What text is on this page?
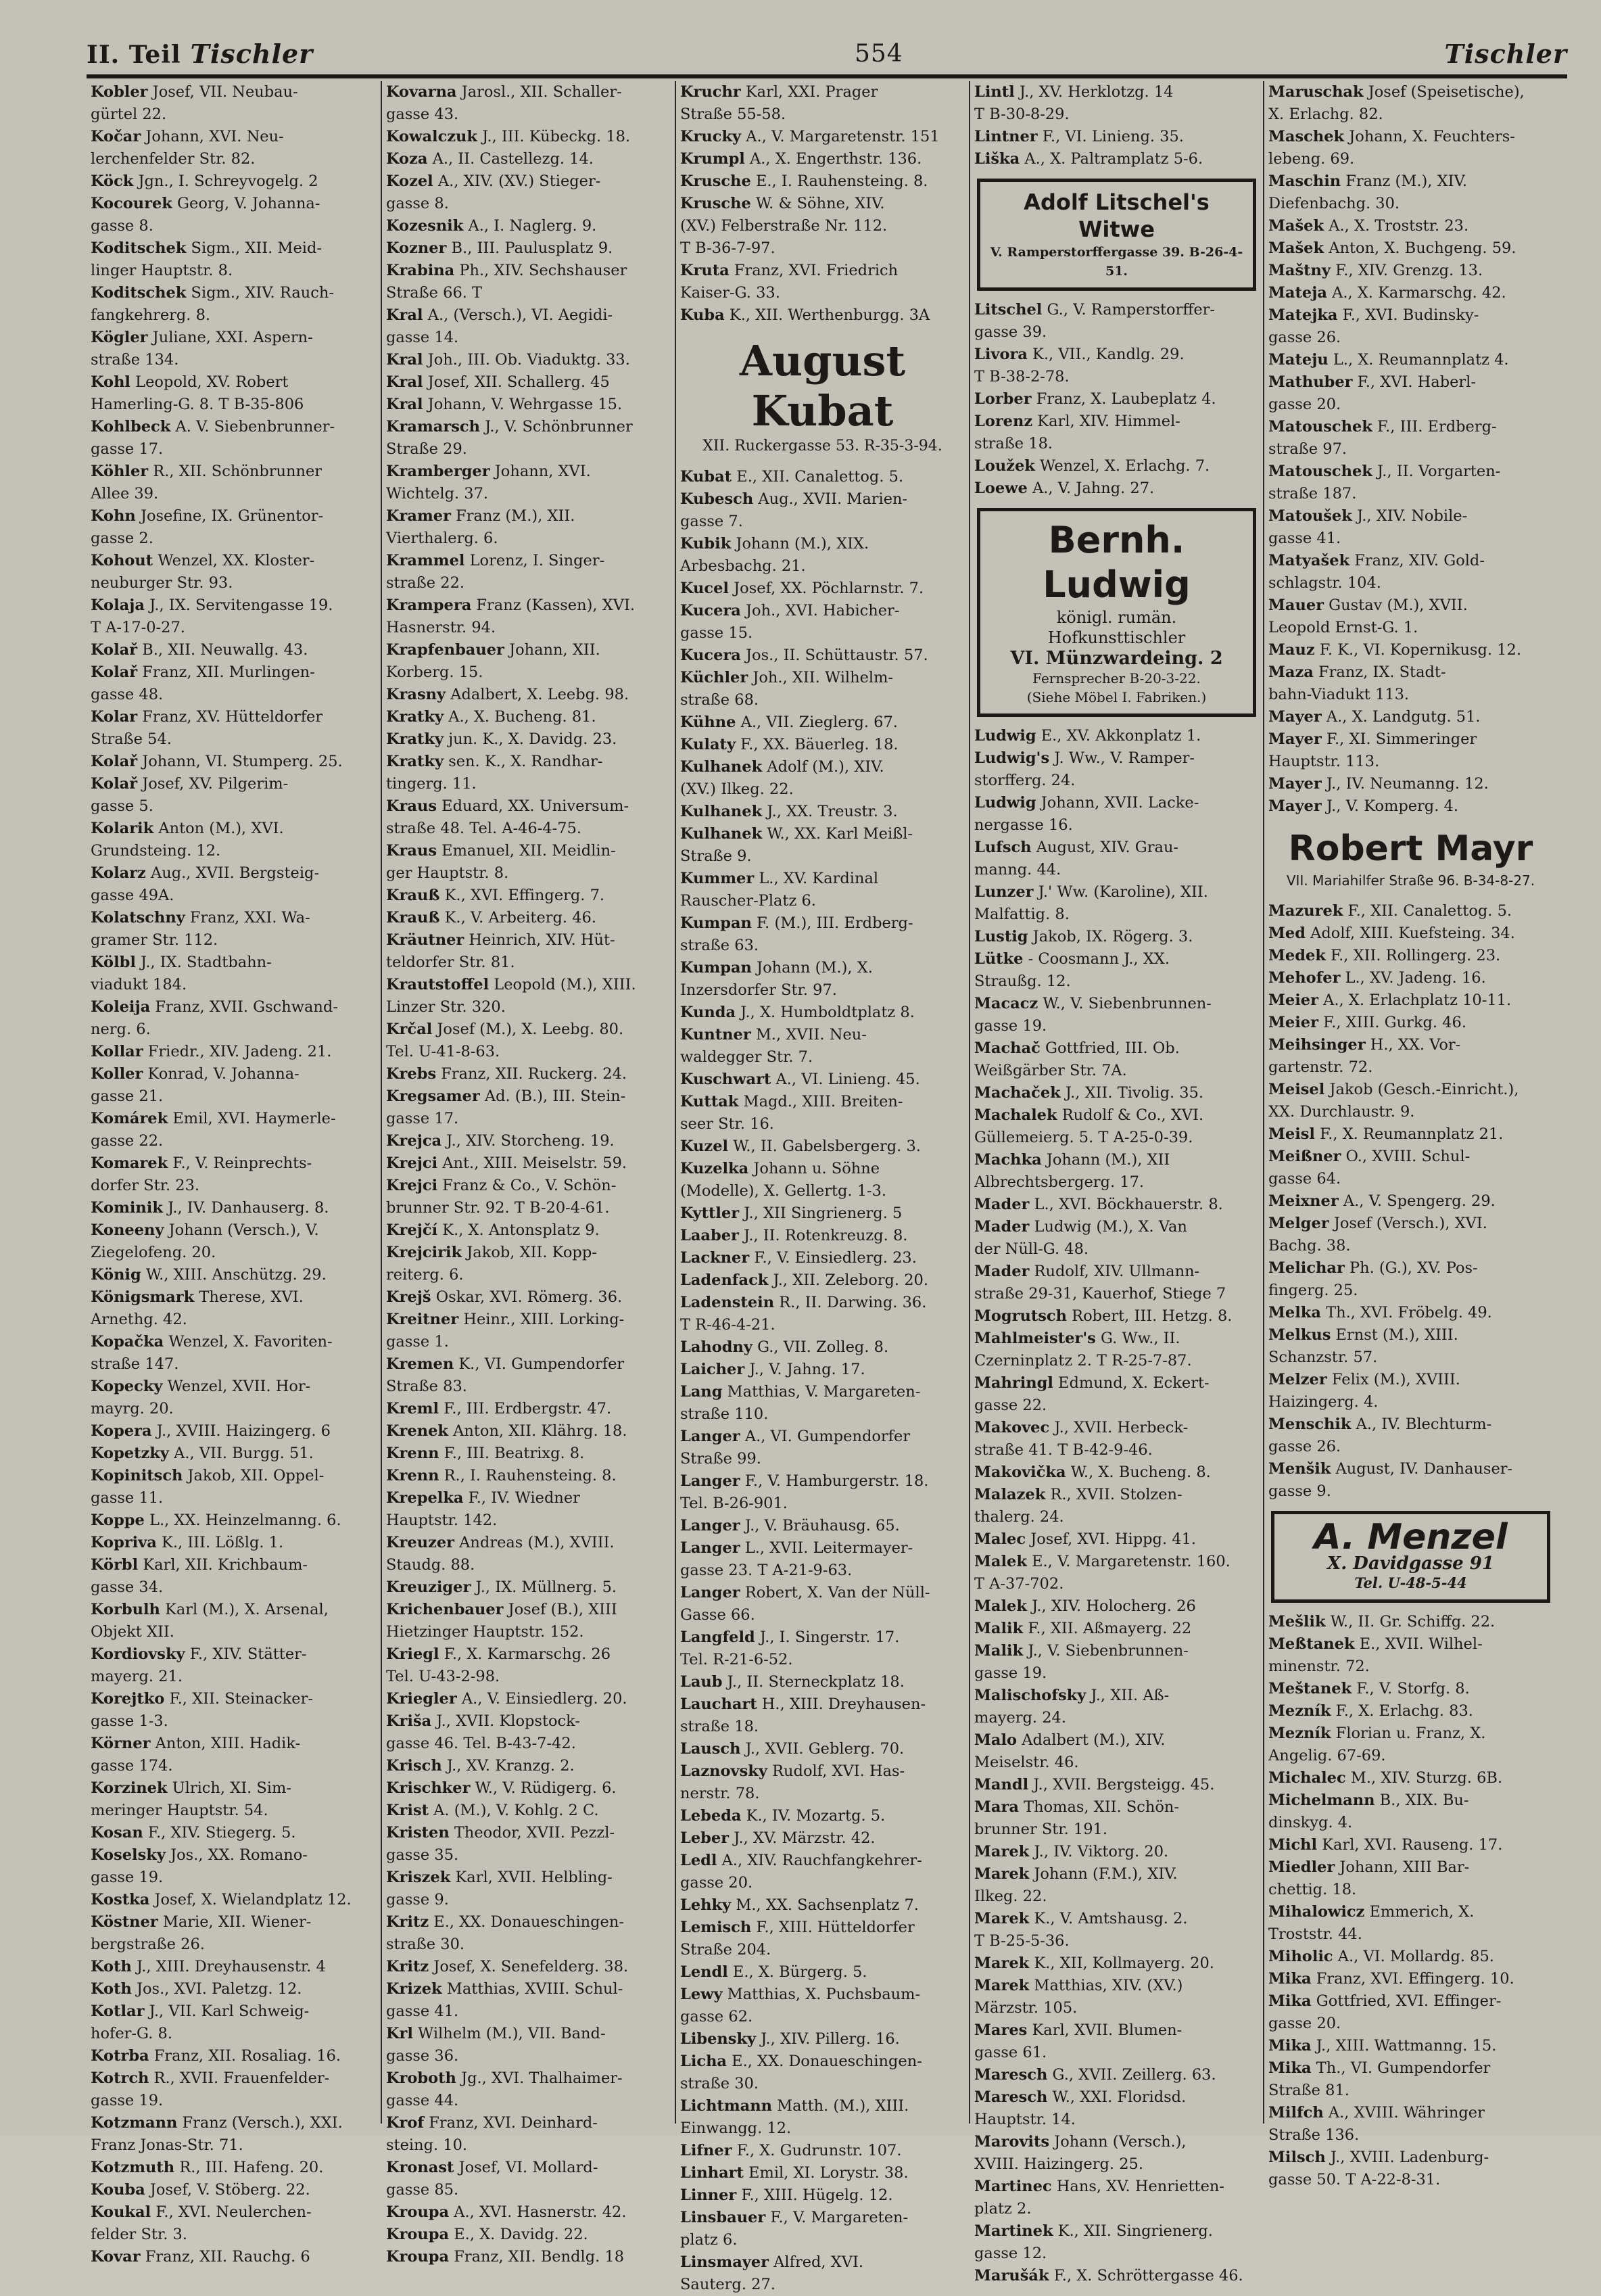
II. Teil Tischler	554	Tischler
Kobler Josef, VII. Neubau-
gürtel 22.
Kočar Johann, XVI. Neu-
lerchenfelder Str. 82.
Köck Jgn., I. Schreyvogelg. 2
Kocourek Georg, V. Johanna-
gasse 8.
Koditschek Sigm., XII. Meid-
linger Hauptstr. 8.
Koditschek Sigm., XIV. Rauch-
fangkehrerg. 8.
Kögler Juliane, XXI. Aspern-
straße 134.
Kohl Leopold, XV. Robert
Hamerling-G. 8. T B-35-806
Kohlbeck A. V. Siebenbrunner-
gasse 17.
Köhler R., XII. Schönbrunner
Allee 39.
Kohn Josefine, IX. Grünentor-
gasse 2.
Kohout Wenzel, XX. Kloster-
neuburger Str. 93.
Kolaja J., IX. Servitengasse 19.
T A-17-0-27.
Kolař B., XII. Neuwallg. 43.
Kolař Franz, XII. Murlingen-
gasse 48.
Kolar Franz, XV. Hütteldorfer
Straße 54.
Kolař Johann, VI. Stumperg. 25.
Kolař Josef, XV. Pilgerim-
gasse 5.
Kolarik Anton (M.), XVI.
Grundsteing. 12.
Kolarz Aug., XVII. Bergsteig-
gasse 49A.
Kolatschny Franz, XXI. Wa-
gramer Str. 112.
Kölbl J., IX. Stadtbahn-
viadukt 184.
Koleija Franz, XVII. Gschwand-
nerg. 6.
Kollar Friedr., XIV. Jadeng. 21.
Koller Konrad, V. Johanna-
gasse 21.
Komárek Emil, XVI. Haymerle-
gasse 22.
Komarek F., V. Reinprechts-
dorfer Str. 23.
Kominik J., IV. Danhauserg. 8.
Koneeny Johann (Versch.), V.
Ziegelofeng. 20.
König W., XIII. Anschützg. 29.
Königsmark Therese, XVI.
Arnethg. 42.
Kopačka Wenzel, X. Favoriten-
straße 147.
Kopecky Wenzel, XVII. Hor-
mayrg. 20.
Kopera J., XVIII. Haizingerg. 6
Kopetzky A., VII. Burgg. 51.
Kopinitsch Jakob, XII. Oppel-
gasse 11.
Koppe L., XX. Heinzelmanng. 6.
Kopriva K., III. Lößlg. 1.
Körbl Karl, XII. Krichbaum-
gasse 34.
Korbulh Karl (M.), X. Arsenal,
Objekt XII.
Kordiovsky F., XIV. Stätter-
mayerg. 21.
Korejtko F., XII. Steinacker-
gasse 1-3.
Körner Anton, XIII. Hadik-
gasse 174.
Korzinek Ulrich, XI. Sim-
meringer Hauptstr. 54.
Kosan F., XIV. Stiegerg. 5.
Koselsky Jos., XX. Romano-
gasse 19.
Kostka Josef, X. Wielandplatz 12.
Köstner Marie, XII. Wiener-
bergstraße 26.
Koth J., XIII. Dreyhausenstr. 4
Koth Jos., XVI. Paletzg. 12.
Kotlar J., VII. Karl Schweig-
hofer-G. 8.
Kotrba Franz, XII. Rosaliag. 16.
Kotrch R., XVII. Frauenfelder-
gasse 19.
Kotzmann Franz (Versch.), XXI.
Franz Jonas-Str. 71.
Kotzmuth R., III. Hafeng. 20.
Kouba Josef, V. Stöberg. 22.
Koukal F., XVI. Neulerchen-
felder Str. 3.
Kovar Franz, XII. Rauchg. 6
Kovarna Jarosl., XII. Schaller-
gasse 43.
Kowalczuk J., III. Kübeckg. 18.
Koza A., II. Castellezg. 14.
Kozel A., XIV. (XV.) Stieger-
gasse 8.
Kozesnik A., I. Naglerg. 9.
Kozner B., III. Paulusplatz 9.
Krabina Ph., XIV. Sechshauser
Straße 66. T
Kral A., (Versch.), VI. Aegidi-
gasse 14.
Kral Joh., III. Ob. Viaduktg. 33.
Kral Josef, XII. Schallerg. 45
Kral Johann, V. Wehrgasse 15.
Kramarsch J., V. Schönbrunner
Straße 29.
Kramberger Johann, XVI.
Wichtelg. 37.
Kramer Franz (M.), XII.
Vierthalerg. 6.
Krammel Lorenz, I. Singer-
straße 22.
Krampera Franz (Kassen), XVI.
Hasnerstr. 94.
Krapfenbauer Johann, XII.
Korberg. 15.
Krasny Adalbert, X. Leebg. 98.
Kratky A., X. Bucheng. 81.
Kratky jun. K., X. Davidg. 23.
Kratky sen. K., X. Randhar-
tingerg. 11.
Kraus Eduard, XX. Universum-
straße 48. Tel. A-46-4-75.
Kraus Emanuel, XII. Meidlin-
ger Hauptstr. 8.
Krauß K., XVI. Effingerg. 7.
Krauß K., V. Arbeiterg. 46.
Kräutner Heinrich, XIV. Hüt-
teldorfer Str. 81.
Krautstoffel Leopold (M.), XIII.
Linzer Str. 320.
Krčal Josef (M.), X. Leebg. 80.
Tel. U-41-8-63.
Krebs Franz, XII. Ruckerg. 24.
Kregsamer Ad. (B.), III. Stein-
gasse 17.
Krejca J., XIV. Storcheng. 19.
Krejci Ant., XIII. Meiselstr. 59.
Krejci Franz & Co., V. Schön-
brunner Str. 92. T B-20-4-61.
Krejčí K., X. Antonsplatz 9.
Krejcirik Jakob, XII. Kopp-
reiterg. 6.
Krejš Oskar, XVI. Römerg. 36.
Kreitner Heinr., XIII. Lorking-
gasse 1.
Kremen K., VI. Gumpendorfer
Straße 83.
Kreml F., III. Erdbergstr. 47.
Krenek Anton, XII. Klährg. 18.
Krenn F., III. Beatrixg. 8.
Krenn R., I. Rauhensteing. 8.
Krepelka F., IV. Wiedner
Hauptstr. 142.
Kreuzer Andreas (M.), XVIII.
Staudg. 88.
Kreuziger J., IX. Müllnerg. 5.
Krichenbauer Josef (B.), XIII
Hietzinger Hauptstr. 152.
Kriegl F., X. Karmarschg. 26
Tel. U-43-2-98.
Kriegler A., V. Einsiedlerg. 20.
Kriša J., XVII. Klopstock-
gasse 46. Tel. B-43-7-42.
Krisch J., XV. Kranzg. 2.
Krischker W., V. Rüdigerg. 6.
Krist A. (M.), V. Kohlg. 2 C.
Kristen Theodor, XVII. Pezzl-
gasse 35.
Kriszek Karl, XVII. Helbling-
gasse 9.
Kritz E., XX. Donaueschingen-
straße 30.
Kritz Josef, X. Senefelderg. 38.
Krizek Matthias, XVIII. Schul-
gasse 41.
Krl Wilhelm (M.), VII. Band-
gasse 36.
Kroboth Jg., XVI. Thalhaimer-
gasse 44.
Krof Franz, XVI. Deinhard-
steing. 10.
Kronast Josef, VI. Mollard-
gasse 85.
Kroupa A., XVI. Hasnerstr. 42.
Kroupa E., X. Davidg. 22.
Kroupa Franz, XII. Bendlg. 18
Kruchr Karl, XXI. Prager
Straße 55-58.
Krucky A., V. Margaretenstr. 151
Krumpl A., X. Engerthstr. 136.
Krusche E., I. Rauhensteing. 8.
Krusche W. & Söhne, XIV.
(XV.) Felberstraße Nr. 112.
T B-36-7-97.
Kruta Franz, XVI. Friedrich
Kaiser-G. 33.
Kuba K., XII. Werthenburgg. 3A
August Kubat
XII. Ruckergasse 53. R-35-3-94.
Kubat E., XII. Canalettog. 5.
Kubesch Aug., XVII. Marien-
gasse 7.
Kubik Johann (M.), XIX.
Arbesbachg. 21.
Kucel Josef, XX. Pöchlarnstr. 7.
Kucera Joh., XVI. Habicher-
gasse 15.
Kucera Jos., II. Schüttaustr. 57.
Küchler Joh., XII. Wilhelm-
straße 68.
Kühne A., VII. Zieglerg. 67.
Kulaty F., XX. Bäuerleg. 18.
Kulhanek Adolf (M.), XIV.
(XV.) Ilkeg. 22.
Kulhanek J., XX. Treustr. 3.
Kulhanek W., XX. Karl Meißl-
Straße 9.
Kummer L., XV. Kardinal
Rauscher-Platz 6.
Kumpan F. (M.), III. Erdberg-
straße 63.
Kumpan Johann (M.), X.
Inzersdorfer Str. 97.
Kunda J., X. Humboldtplatz 8.
Kuntner M., XVII. Neu-
waldegger Str. 7.
Kuschwart A., VI. Linieng. 45.
Kuttak Magd., XIII. Breiten-
seer Str. 16.
Kuzel W., II. Gabelsbergerg. 3.
Kuzelka Johann u. Söhne
(Modelle), X. Gellertg. 1-3.
Kyttler J., XII Singrienerg. 5
Laaber J., II. Rotenkreuzg. 8.
Lackner F., V. Einsiedlerg. 23.
Ladenfack J., XII. Zeleborg. 20.
Ladenstein R., II. Darwing. 36.
T R-46-4-21.
Lahodny G., VII. Zolleg. 8.
Laicher J., V. Jahng. 17.
Lang Matthias, V. Margareten-
straße 110.
Langer A., VI. Gumpendorfer
Straße 99.
Langer F., V. Hamburgerstr. 18.
Tel. B-26-901.
Langer J., V. Bräuhausg. 65.
Langer L., XVII. Leitermayer-
gasse 23. T A-21-9-63.
Langer Robert, X. Van der Nüll-
Gasse 66.
Langfeld J., I. Singerstr. 17.
Tel. R-21-6-52.
Laub J., II. Sterneckplatz 18.
Lauchart H., XIII. Dreyhausen-
straße 18.
Lausch J., XVII. Geblerg. 70.
Laznovsky Rudolf, XVI. Has-
nerstr. 78.
Lebeda K., IV. Mozartg. 5.
Leber J., XV. Märzstr. 42.
Ledl A., XIV. Rauchfangkehrer-
gasse 20.
Lehky M., XX. Sachsenplatz 7.
Lemisch F., XIII. Hütteldorfer
Straße 204.
Lendl E., X. Bürgerg. 5.
Lewy Matthias, X. Puchsbaum-
gasse 62.
Libensky J., XIV. Pillerg. 16.
Licha E., XX. Donaueschingen-
straße 30.
Lichtmann Matth. (M.), XIII.
Einwangg. 12.
Lifner F., X. Gudrunstr. 107.
Linhart Emil, XI. Lorystr. 38.
Linner F., XIII. Hügelg. 12.
Linsbauer F., V. Margareten-
platz 6.
Linsmayer Alfred, XVI.
Sauterg. 27.
Lintl J., XV. Herklotzg. 14
T B-30-8-29.
Lintner F., VI. Linieng. 35.
Liška A., X. Paltramplatz 5-6.
Adolf Litschel's Witwe
V. Ramperstorffergasse 39. B-26-4-51.
Litschel G., V. Ramperstorffer-
gasse 39.
Livora K., VII., Kandlg. 29.
T B-38-2-78.
Lorber Franz, X. Laubeplatz 4.
Lorenz Karl, XIV. Himmel-
straße 18.
Loužek Wenzel, X. Erlachg. 7.
Loewe A., V. Jahng. 27.
Bernh. Ludwig
königl. rumän.
Hofkunsttischler
VI. Münzwardeing. 2
Fernsprecher B-20-3-22.
(Siehe Möbel I. Fabriken.)
Ludwig E., XV. Akkonplatz 1.
Ludwig's J. Ww., V. Ramper-
storfferg. 24.
Ludwig Johann, XVII. Lacke-
nergasse 16.
Lufsch August, XIV. Grau-
manng. 44.
Lunzer J.' Ww. (Karoline), XII.
Malfattig. 8.
Lustig Jakob, IX. Rögerg. 3.
Lütke - Coosmann J., XX.
Straußg. 12.
Macacz W., V. Siebenbrunnen-
gasse 19.
Machač Gottfried, III. Ob.
Weißgärber Str. 7A.
Machaček J., XII. Tivolig. 35.
Machalek Rudolf & Co., XVI.
Güllemeierg. 5. T A-25-0-39.
Machka Johann (M.), XII
Albrechtsbergerg. 17.
Mader L., XVI. Böckhauerstr. 8.
Mader Ludwig (M.), X. Van
der Nüll-G. 48.
Mader Rudolf, XIV. Ullmann-
straße 29-31, Kauerhof, Stiege 7
Mogrutsch Robert, III. Hetzg. 8.
Mahlmeister's G. Ww., II.
Czerninplatz 2. T R-25-7-87.
Mahringl Edmund, X. Eckert-
gasse 22.
Makovec J., XVII. Herbeck-
straße 41. T B-42-9-46.
Makovička W., X. Bucheng. 8.
Malazek R., XVII. Stolzen-
thalerg. 24.
Malec Josef, XVI. Hippg. 41.
Malek E., V. Margaretenstr. 160.
T A-37-702.
Malek J., XIV. Holocherg. 26
Malik F., XII. Aßmayerg. 22
Malik J., V. Siebenbrunnen-
gasse 19.
Malischofsky J., XII. Aß-
mayerg. 24.
Malo Adalbert (M.), XIV.
Meiselstr. 46.
Mandl J., XVII. Bergsteigg. 45.
Mara Thomas, XII. Schön-
brunner Str. 191.
Marek J., IV. Viktorg. 20.
Marek Johann (F.M.), XIV.
Ilkeg. 22.
Marek K., V. Amtshausg. 2.
T B-25-5-36.
Marek K., XII, Kollmayerg. 20.
Marek Matthias, XIV. (XV.)
Märzstr. 105.
Mares Karl, XVII. Blumen-
gasse 61.
Maresch G., XVII. Zeillerg. 63.
Maresch W., XXI. Floridsd.
Hauptstr. 14.
Marovits Johann (Versch.),
XVIII. Haizingerg. 25.
Martinec Hans, XV. Henrietten-
platz 2.
Martinek K., XII. Singrienerg.
gasse 12.
Marušák F., X. Schröttergasse 46.
Maruschak Josef (Speisetische),
X. Erlachg. 82.
Maschek Johann, X. Feuchters-
lebeng. 69.
Maschin Franz (M.), XIV.
Diefenbachg. 30.
Mašek A., X. Troststr. 23.
Mašek Anton, X. Buchgeng. 59.
Maštny F., XIV. Grenzg. 13.
Mateja A., X. Karmarschg. 42.
Matejka F., XVI. Budinsky-
gasse 26.
Mateju L., X. Reumannplatz 4.
Mathuber F., XVI. Haberl-
gasse 20.
Matouschek F., III. Erdberg-
straße 97.
Matouschek J., II. Vorgarten-
straße 187.
Matoušek J., XIV. Nobile-
gasse 41.
Matyašek Franz, XIV. Gold-
schlagstr. 104.
Mauer Gustav (M.), XVII.
Leopold Ernst-G. 1.
Mauz F. K., VI. Kopernikusg. 12.
Maza Franz, IX. Stadt-
bahn-Viadukt 113.
Mayer A., X. Landgutg. 51.
Mayer F., XI. Simmeringer
Hauptstr. 113.
Mayer J., IV. Neumanng. 12.
Mayer J., V. Komperg. 4.
Robert Mayr
VII. Mariahilfer Straße 96. B-34-8-27.
Mazurek F., XII. Canalettog. 5.
Med Adolf, XIII. Kuefsteing. 34.
Medek F., XII. Rollingerg. 23.
Mehofer L., XV. Jadeng. 16.
Meier A., X. Erlachplatz 10-11.
Meier F., XIII. Gurkg. 46.
Meihsinger H., XX. Vor-
gartenstr. 72.
Meisel Jakob (Gesch.-Einricht.),
XX. Durchlaustr. 9.
Meisl F., X. Reumannplatz 21.
Meißner O., XVIII. Schul-
gasse 64.
Meixner A., V. Spengerg. 29.
Melger Josef (Versch.), XVI.
Bachg. 38.
Melichar Ph. (G.), XV. Pos-
fingerg. 25.
Melka Th., XVI. Fröbelg. 49.
Melkus Ernst (M.), XIII.
Schanzstr. 57.
Melzer Felix (M.), XVIII.
Haizingerg. 4.
Menschik A., IV. Blechturm-
gasse 26.
Menšik August, IV. Danhauser-
gasse 9.
A. Menzel
X. Davidgasse 91
Tel. U-48-5-44
Mešlik W., II. Gr. Schiffg. 22.
Meßtanek E., XVII. Wilhel-
minenstr. 72.
Meštanek F., V. Storfg. 8.
Mezník F., X. Erlachg. 83.
Mezník Florian u. Franz, X.
Angelig. 67-69.
Michalec M., XIV. Sturzg. 6B.
Michelmann B., XIX. Bu-
dinskyg. 4.
Michl Karl, XVI. Rauseng. 17.
Miedler Johann, XIII Bar-
chettig. 18.
Mihalowicz Emmerich, X.
Troststr. 44.
Miholic A., VI. Mollardg. 85.
Mika Franz, XVI. Effingerg. 10.
Mika Gottfried, XVI. Effinger-
gasse 20.
Mika J., XIII. Wattmanng. 15.
Mika Th., VI. Gumpendorfer
Straße 81.
Milfch A., XVIII. Währinger
Straße 136.
Milsch J., XVIII. Ladenburg-
gasse 50. T A-22-8-31.
